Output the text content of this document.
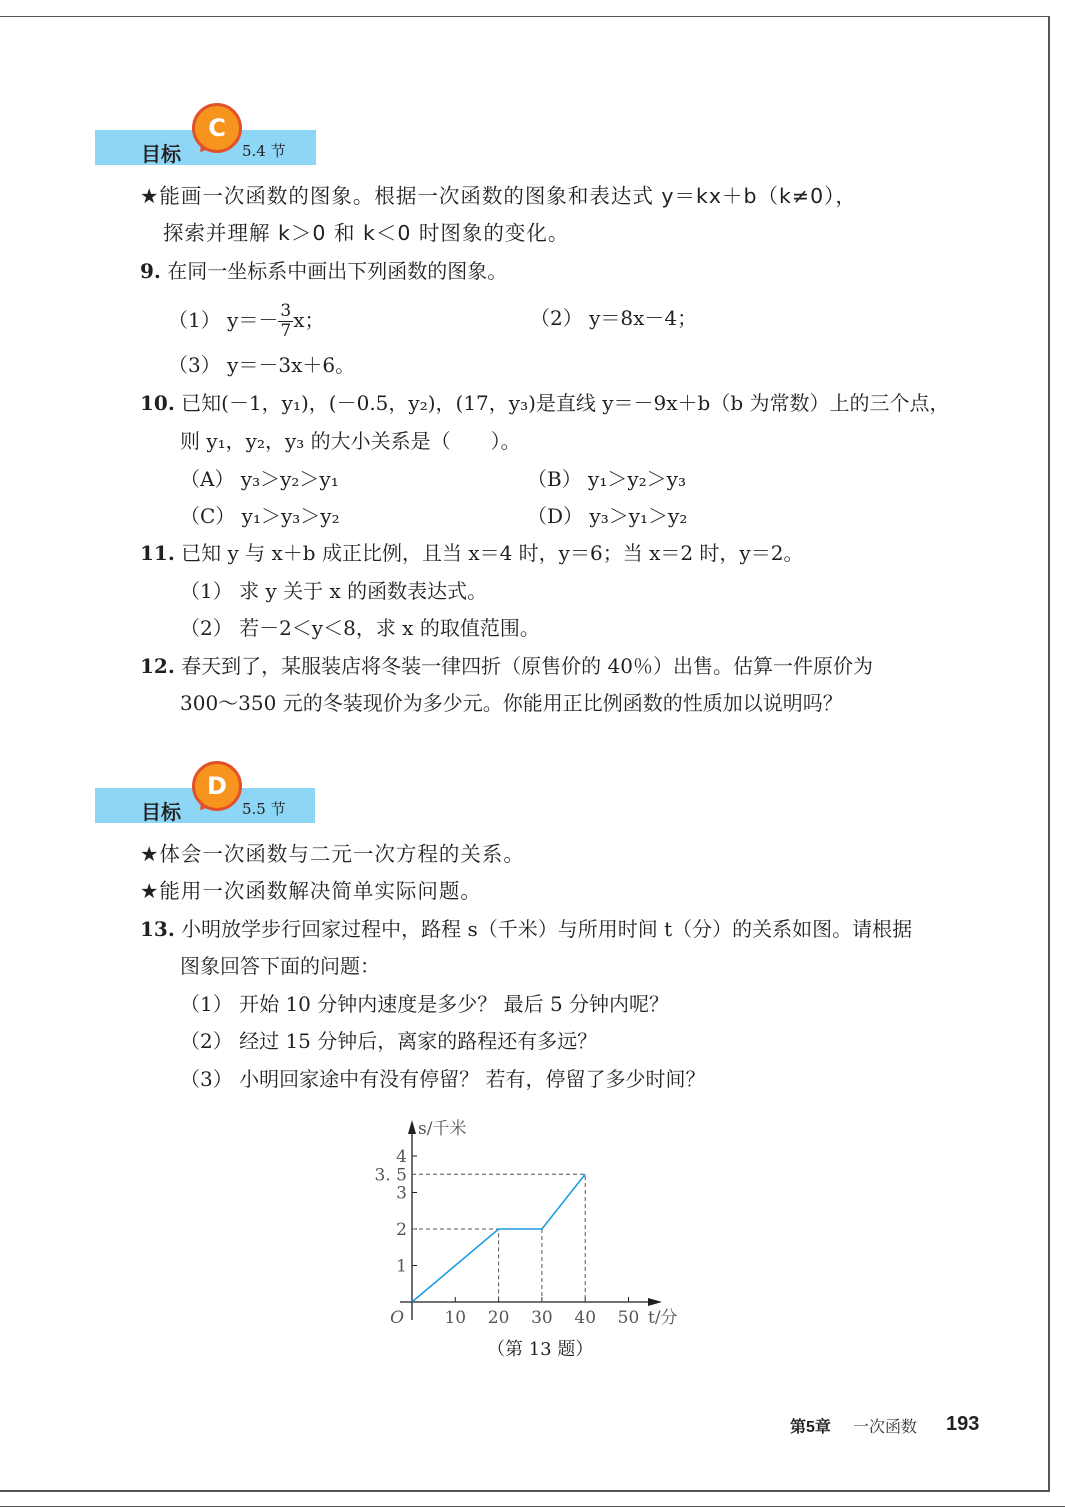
目标	5.4 节
C
★能画一次函数的图象。根据一次函数的图象和表达式 y＝kx＋b（k≠0），
探索并理解 k＞0 和 k＜0 时图象的变化。
9. 在同一坐标系中画出下列函数的图象。
（1） $y=- \frac{3}{7}$ x；	（2） y＝8x－4；
（3） y＝－3x＋6。
10. 已知(－1，y₁)，(－0.5，y₂)，(17，y₃)是直线 y＝－9x＋b（b 为常数）上的三个点，
则 y₁，y₂，y₃ 的大小关系是（　　）。
（A） y₃＞y₂＞y₁	（B） y₁＞y₂＞y₃
（C） y₁＞y₃＞y₂	（D） y₃＞y₁＞y₂
11. 已知 y 与 x＋b 成正比例，且当 x＝4 时，y＝6；当 x＝2 时，y＝2。
（1） 求 y 关于 x 的函数表达式。
（2） 若－2＜y＜8，求 x 的取值范围。
12. 春天到了，某服装店将冬装一律四折（原售价的 40％）出售。估算一件原价为
300～350 元的冬装现价为多少元。你能用正比例函数的性质加以说明吗？
目标	5.5 节
D
★体会一次函数与二元一次方程的关系。
★能用一次函数解决简单实际问题。
13. 小明放学步行回家过程中，路程 s（千米）与所用时间 t（分）的关系如图。请根据
图象回答下面的问题：
（1） 开始 10 分钟内速度是多少？ 最后 5 分钟内呢？
（2） 经过 15 分钟后，离家的路程还有多远？
（3） 小明回家途中有没有停留？ 若有，停留了多少时间？
10 20 30 40 50
1
2
3
3. 5
4
O
s/千米
t/分
（第 13 题）
第5章 一次函数 193
